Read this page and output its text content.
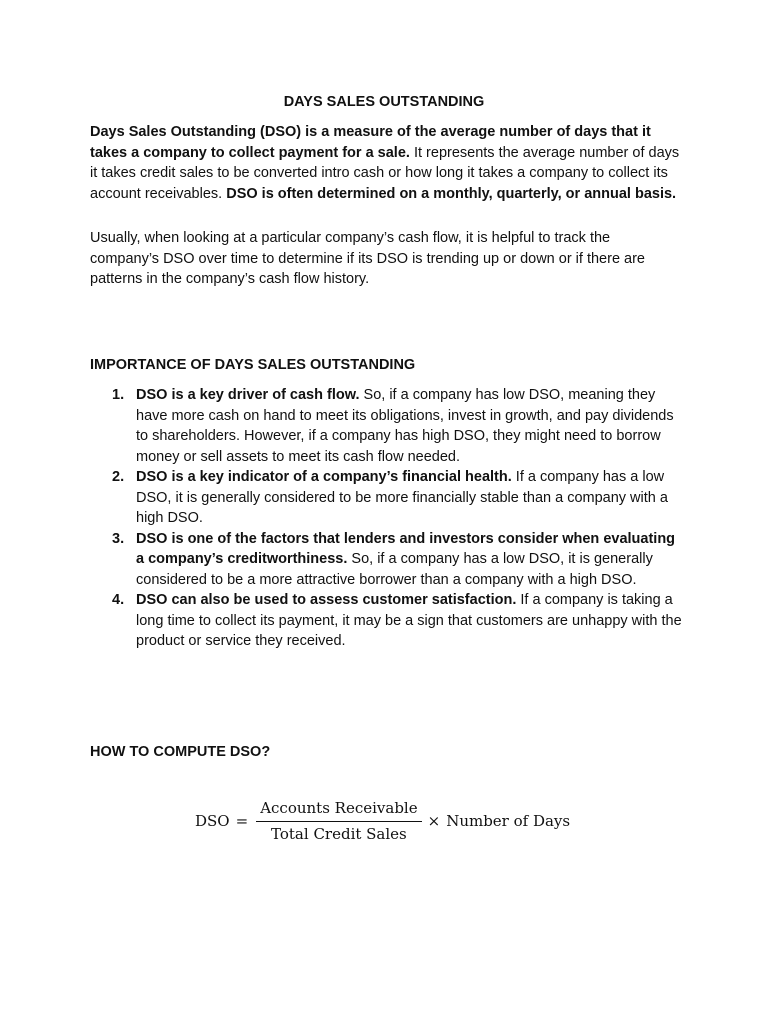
DAYS SALES OUTSTANDING

Days Sales Outstanding (DSO) is a measure of the average number of days that it takes a company to collect payment for a sale. It represents the average number of days it takes credit sales to be converted intro cash or how long it takes a company to collect its account receivables. DSO is often determined on a monthly, quarterly, or annual basis.

Usually, when looking at a particular company’s cash flow, it is helpful to track the company’s DSO over time to determine if its DSO is trending up or down or if there are patterns in the company’s cash flow history.

IMPORTANCE OF DAYS SALES OUTSTANDING
1. DSO is a key driver of cash flow. So, if a company has low DSO, meaning they have more cash on hand to meet its obligations, invest in growth, and pay dividends to shareholders. However, if a company has high DSO, they might need to borrow money or sell assets to meet its cash flow needed.
2. DSO is a key indicator of a company’s financial health. If a company has a low DSO, it is generally considered to be more financially stable than a company with a high DSO.
3. DSO is one of the factors that lenders and investors consider when evaluating a company’s creditworthiness. So, if a company has a low DSO, it is generally considered to be a more attractive borrower than a company with a high DSO.
4. DSO can also be used to assess customer satisfaction. If a company is taking a long time to collect its payment, it may be a sign that customers are unhappy with the product or service they received.
HOW TO COMPUTE DSO?
DSO = $\frac{\text{Accounts Receivable}}{\text{Total Credit Sales}}$ × Number of Days
